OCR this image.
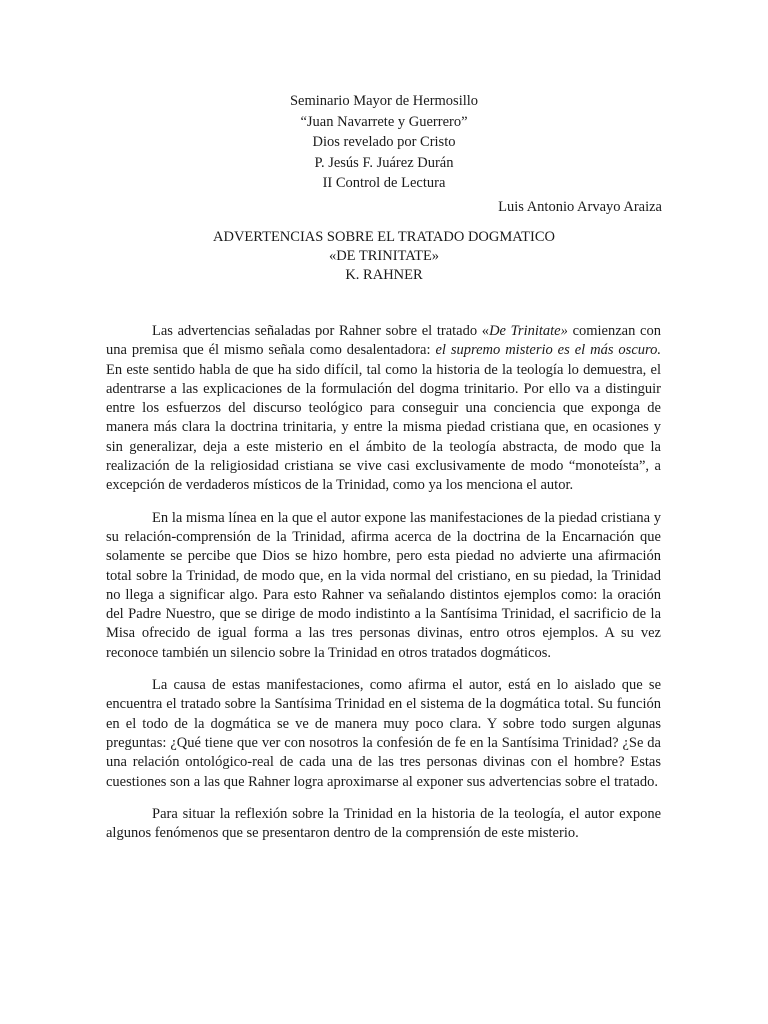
Seminario Mayor de Hermosillo
“Juan Navarrete y Guerrero”
Dios revelado por Cristo
P. Jesús F. Juárez Durán
II Control de Lectura
Luis Antonio Arvayo Araiza
ADVERTENCIAS SOBRE EL TRATADO DOGMATICO
«DE TRINITATE»
K. RAHNER

Las advertencias señaladas por Rahner sobre el tratado «De Trinitate» comienzan con una premisa que él mismo señala como desalentadora: el supremo misterio es el más oscuro. En este sentido habla de que ha sido difícil, tal como la historia de la teología lo demuestra, el adentrarse a las explicaciones de la formulación del dogma trinitario. Por ello va a distinguir entre los esfuerzos del discurso teológico para conseguir una conciencia que exponga de manera más clara la doctrina trinitaria, y entre la misma piedad cristiana que, en ocasiones y sin generalizar, deja a este misterio en el ámbito de la teología abstracta, de modo que la realización de la religiosidad cristiana se vive casi exclusivamente de modo “monoteísta”, a excepción de verdaderos místicos de la Trinidad, como ya los menciona el autor.

En la misma línea en la que el autor expone las manifestaciones de la piedad cristiana y su relación-comprensión de la Trinidad, afirma acerca de la doctrina de la Encarnación que solamente se percibe que Dios se hizo hombre, pero esta piedad no advierte una afirmación total sobre la Trinidad, de modo que, en la vida normal del cristiano, en su piedad, la Trinidad no llega a significar algo. Para esto Rahner va señalando distintos ejemplos como: la oración del Padre Nuestro, que se dirige de modo indistinto a la Santísima Trinidad, el sacrificio de la Misa ofrecido de igual forma a las tres personas divinas, entro otros ejemplos. A su vez reconoce también un silencio sobre la Trinidad en otros tratados dogmáticos.

La causa de estas manifestaciones, como afirma el autor, está en lo aislado que se encuentra el tratado sobre la Santísima Trinidad en el sistema de la dogmática total. Su función en el todo de la dogmática se ve de manera muy poco clara. Y sobre todo surgen algunas preguntas: ¿Qué tiene que ver con nosotros la confesión de fe en la Santísima Trinidad? ¿Se da una relación ontológico-real de cada una de las tres personas divinas con el hombre? Estas cuestiones son a las que Rahner logra aproximarse al exponer sus advertencias sobre el tratado.

Para situar la reflexión sobre la Trinidad en la historia de la teología, el autor expone algunos fenómenos que se presentaron dentro de la comprensión de este misterio.
